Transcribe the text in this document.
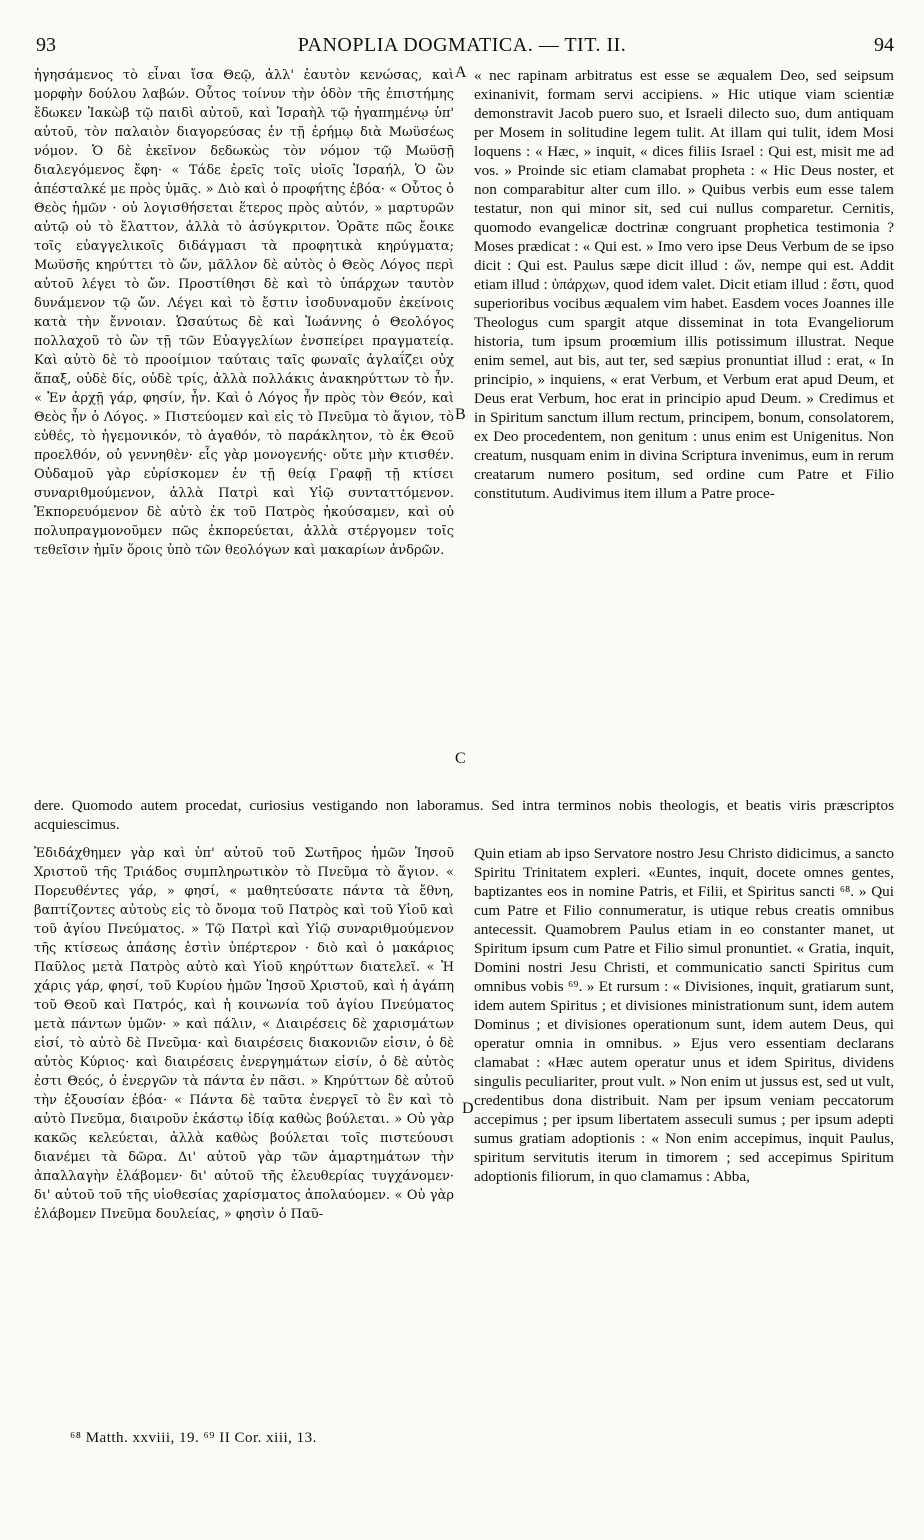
93	PANOPLIA DOGMATICA. — TIT. II.	94
ἡγησάμενος τὸ εἶναι ἴσα Θεῷ, ἀλλ' ἑαυτὸν κενώσας, καὶ μορφὴν δούλου λαβών. Οὗτος τοίνυν τὴν ὁδὸν τῆς ἐπιστήμης ἔδωκεν Ἰακὼβ τῷ παιδὶ αὐτοῦ, καὶ Ἰσραὴλ τῷ ἠγαπημένῳ ὑπ' αὐτοῦ, τὸν παλαιὸν διαγορεύσας ἐν τῇ ἐρήμῳ διὰ Μωϋσέως νόμον. Ὁ δὲ ἐκεῖνον δεδωκὼς τὸν νόμον τῷ Μωϋσῇ διαλεγόμενος ἔφη· « Τάδε ἐρεῖς τοῖς υἱοῖς Ἰσραήλ, Ὁ ὢν ἀπέσταλκέ με πρὸς ὑμᾶς. » Διὸ καὶ ὁ προφήτης ἐβόα· « Οὗτος ὁ Θεὸς ἡμῶν · οὐ λογισθήσεται ἕτερος πρὸς αὐτόν, » μαρτυρῶν αὐτῷ οὐ τὸ ἔλαττον, ἀλλὰ τὸ ἀσύγκριτον. Ὁρᾶτε πῶς ἔοικε τοῖς εὐαγγελικοῖς διδάγμασι τὰ προφητικὰ κηρύγματα; Μωϋσῆς κηρύττει τὸ ὤν, μᾶλλον δὲ αὐτὸς ὁ Θεὸς Λόγος περὶ αὐτοῦ λέγει τὸ ὤν. Προστίθησι δὲ καὶ τὸ ὑπάρχων ταυτὸν δυνάμενον τῷ ὤν. Λέγει καὶ τὸ ἔστιν ἰσοδυναμοῦν ἐκείνοις κατὰ τὴν ἔννοιαν. Ὡσαύτως δὲ καὶ Ἰωάννης ὁ Θεολόγος πολλαχοῦ τὸ ὢν τῇ τῶν Εὐαγγελίων ἐνσπείρει πραγματείᾳ. Καὶ αὐτὸ δὲ τὸ προοίμιον ταύταις ταῖς φωναῖς ἀγλαΐζει οὐχ ἅπαξ, οὐδὲ δίς, οὐδὲ τρίς, ἀλλὰ πολλάκις ἀνακηρύττων τὸ ἦν. « Ἐν ἀρχῇ γάρ, φησίν, ἦν. Καὶ ὁ Λόγος ἦν πρὸς τὸν Θεόν, καὶ Θεὸς ἦν ὁ Λόγος. » Πιστεύομεν καὶ εἰς τὸ Πνεῦμα τὸ ἅγιον, τὸ εὐθές, τὸ ἡγεμονικόν, τὸ ἀγαθόν, τὸ παράκλητον, τὸ ἐκ Θεοῦ προελθόν, οὐ γεννηθὲν· εἷς γὰρ μονογενής· οὔτε μὴν κτισθέν. Οὐδαμοῦ γὰρ εὑρίσκομεν ἐν τῇ θείᾳ Γραφῇ τῇ κτίσει συναριθμούμενον, ἀλλὰ Πατρὶ καὶ Υἱῷ συνταττόμενον. Ἐκπορευόμενον δὲ αὐτὸ ἐκ τοῦ Πατρὸς ἠκούσαμεν, καὶ οὐ πολυπραγμονοῦμεν πῶς ἐκπορεύεται, ἀλλὰ στέργομεν τοῖς τεθεῖσιν ἡμῖν ὅροις ὑπὸ τῶν θεολόγων καὶ μακαρίων ἀνδρῶν.
« nec rapinam arbitratus est esse se æqualem Deo, sed seipsum exinanivit, formam servi accipiens. » Hic utique viam scientiæ demonstravit Jacob puero suo, et Israeli dilecto suo, dum antiquam per Mosem in solitudine legem tulit. At illam qui tulit, idem Mosi loquens : « Hæc, » inquit, « dices filiis Israel : Qui est, misit me ad vos. » Proinde sic etiam clamabat propheta : « Hic Deus noster, et non comparabitur alter cum illo. » Quibus verbis eum esse talem testatur, non qui minor sit, sed cui nullus comparetur. Cernitis, quomodo evangelicæ doctrinæ congruant prophetica testimonia ? Moses prædicat : « Qui est. » Imo vero ipse Deus Verbum de se ipso dicit : Qui est. Paulus sæpe dicit illud : ὤν, nempe qui est. Addit etiam illud : ὑπάρχων, quod idem valet. Dicit etiam illud : ἔστι, quod superioribus vocibus æqualem vim habet. Easdem voces Joannes ille Theologus cum spargit atque disseminat in tota Evangeliorum historia, tum ipsum proœmium illis potissimum illustrat. Neque enim semel, aut bis, aut ter, sed sæpius pronuntiat illud : erat, « In principio, » inquiens, « erat Verbum, et Verbum erat apud Deum, et Deus erat Verbum, hoc erat in principio apud Deum. » Credimus et in Spiritum sanctum illum rectum, principem, bonum, consolatorem, ex Deo procedentem, non genitum : unus enim est Unigenitus. Non creatum, nusquam enim in divina Scriptura invenimus, eum in rerum creatarum numero positum, sed ordine cum Patre et Filio constitutum. Audivimus item illum a Patre proce-
dere. Quomodo autem procedat, curiosius vestigando non laboramus. Sed intra terminos nobis theologis, et beatis viris præscriptos acquiescimus.
Ἐδιδάχθημεν γὰρ καὶ ὑπ' αὐτοῦ τοῦ Σωτῆρος ἡμῶν Ἰησοῦ Χριστοῦ τῆς Τριάδος συμπληρωτικὸν τὸ Πνεῦμα τὸ ἅγιον. « Πορευθέντες γάρ, » φησί, « μαθητεύσατε πάντα τὰ ἔθνη, βαπτίζοντες αὐτοὺς εἰς τὸ ὄνομα τοῦ Πατρὸς καὶ τοῦ Υἱοῦ καὶ τοῦ ἁγίου Πνεύματος. » Τῷ Πατρὶ καὶ Υἱῷ συναριθμούμενον τῆς κτίσεως ἁπάσης ἐστὶν ὑπέρτερον · διὸ καὶ ὁ μακάριος Παῦλος μετὰ Πατρὸς αὐτὸ καὶ Υἱοῦ κηρύττων διατελεῖ. « Ἡ χάρις γάρ, φησί, τοῦ Κυρίου ἡμῶν Ἰησοῦ Χριστοῦ, καὶ ἡ ἀγάπη τοῦ Θεοῦ καὶ Πατρός, καὶ ἡ κοινωνία τοῦ ἁγίου Πνεύματος μετὰ πάντων ὑμῶν· » καὶ πάλιν, « Διαιρέσεις δὲ χαρισμάτων εἰσί, τὸ αὐτὸ δὲ Πνεῦμα· καὶ διαιρέσεις διακονιῶν εἰσιν, ὁ δὲ αὐτὸς Κύριος· καὶ διαιρέσεις ἐνεργημάτων εἰσίν, ὁ δὲ αὐτὸς ἐστι Θεός, ὁ ἐνεργῶν τὰ πάντα ἐν πᾶσι. » Κηρύττων δὲ αὐτοῦ τὴν ἐξουσίαν ἐβόα· « Πάντα δὲ ταῦτα ἐνεργεῖ τὸ ἓν καὶ τὸ αὐτὸ Πνεῦμα, διαιροῦν ἑκάστῳ ἰδίᾳ καθὼς βούλεται. » Οὐ γὰρ κακῶς κελεύεται, ἀλλὰ καθὼς βούλεται τοῖς πιστεύουσι διανέμει τὰ δῶρα. Δι' αὐτοῦ γὰρ τῶν ἁμαρτημάτων τὴν ἀπαλλαγὴν ἐλάβομεν· δι' αὐτοῦ τῆς ἐλευθερίας τυγχάνομεν· δι' αὐτοῦ τοῦ τῆς υἱοθεσίας χαρίσματος ἀπολαύομεν. « Οὐ γὰρ ἐλάβομεν Πνεῦμα δουλείας, » φησὶν ὁ Παῦ-
Quin etiam ab ipso Servatore nostro Jesu Christo didicimus, a sancto Spiritu Trinitatem expleri. «Euntes, inquit, docete omnes gentes, baptizantes eos in nomine Patris, et Filii, et Spiritus sancti ⁶⁸. » Qui cum Patre et Filio connumeratur, is utique rebus creatis omnibus antecessit. Quamobrem Paulus etiam in eo constanter manet, ut Spiritum ipsum cum Patre et Filio simul pronuntiet. « Gratia, inquit, Domini nostri Jesu Christi, et communicatio sancti Spiritus cum omnibus vobis ⁶⁹. » Et rursum : « Divisiones, inquit, gratiarum sunt, idem autem Spiritus ; et divisiones ministrationum sunt, idem autem Dominus ; et divisiones operationum sunt, idem autem Deus, qui operatur omnia in omnibus. » Ejus vero essentiam declarans clamabat : «Hæc autem operatur unus et idem Spiritus, dividens singulis peculiariter, prout vult. » Non enim ut jussus est, sed ut vult, credentibus dona distribuit. Nam per ipsum veniam peccatorum accepimus ; per ipsum libertatem asseculi sumus ; per ipsum adepti sumus gratiam adoptionis : « Non enim accepimus, inquit Paulus, spiritum servitutis iterum in timorem ; sed accepimus Spiritum adoptionis filiorum, in quo clamamus : Abba,
A
B
C
D
⁶⁸ Matth. xxviii, 19. ⁶⁹ II Cor. xiii, 13.
